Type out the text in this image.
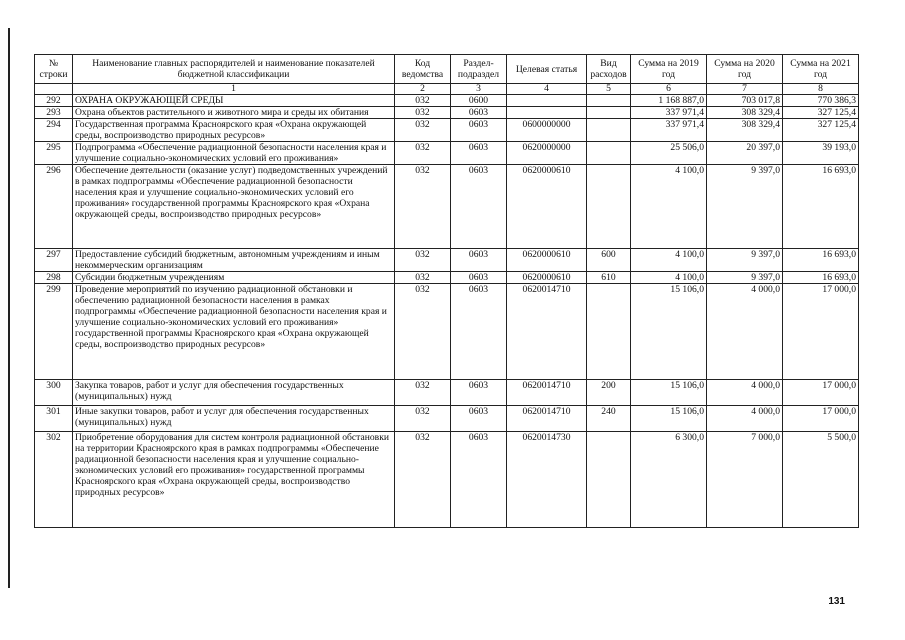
№ строки	Наименование главных распорядителей и наименование показателей бюджетной классификации	Код ведомства	Раздел-подраздел	Целевая статья	Вид расходов	Сумма на 2019 год	Сумма на 2020 год	Сумма на 2021 год
	1	2	3	4	5	6	7	8
292	ОХРАНА ОКРУЖАЮЩЕЙ СРЕДЫ	032	0600			1 168 887,0	703 017,8	770 386,3
293	Охрана объектов растительного и животного мира и среды их обитания	032	0603			337 971,4	308 329,4	327 125,4
294	Государственная программа Красноярского края «Охрана окружающей среды, воспроизводство природных ресурсов»	032	0603	0600000000		337 971,4	308 329,4	327 125,4
295	Подпрограмма «Обеспечение радиационной безопасности населения края и улучшение социально-экономических условий его проживания»	032	0603	0620000000		25 506,0	20 397,0	39 193,0
296	Обеспечение деятельности (оказание услуг) подведомственных учреждений в рамках подпрограммы «Обеспечение радиационной безопасности населения края и улучшение социально-экономических условий его проживания» государственной программы Красноярского края «Охрана окружающей среды, воспроизводство природных ресурсов»	032	0603	0620000610		4 100,0	9 397,0	16 693,0
297	Предоставление субсидий бюджетным, автономным учреждениям и иным некоммерческим организациям	032	0603	0620000610	600	4 100,0	9 397,0	16 693,0
298	Субсидии бюджетным учреждениям	032	0603	0620000610	610	4 100,0	9 397,0	16 693,0
299	Проведение мероприятий по изучению радиационной обстановки и обеспечению радиационной безопасности населения в рамках подпрограммы «Обеспечение радиационной безопасности населения края и улучшение социально-экономических условий его проживания» государственной программы Красноярского края «Охрана окружающей среды, воспроизводство природных ресурсов»	032	0603	0620014710		15 106,0	4 000,0	17 000,0
300	Закупка товаров, работ и услуг для обеспечения государственных (муниципальных) нужд	032	0603	0620014710	200	15 106,0	4 000,0	17 000,0
301	Иные закупки товаров, работ и услуг для обеспечения государственных (муниципальных) нужд	032	0603	0620014710	240	15 106,0	4 000,0	17 000,0
302	Приобретение оборудования для систем контроля радиационной обстановки на территории Красноярского края в рамках подпрограммы «Обеспечение радиационной безопасности населения края и улучшение социально-экономических условий его проживания» государственной программы Красноярского края «Охрана окружающей среды, воспроизводство природных ресурсов»	032	0603	0620014730		6 300,0	7 000,0	5 500,0
131
